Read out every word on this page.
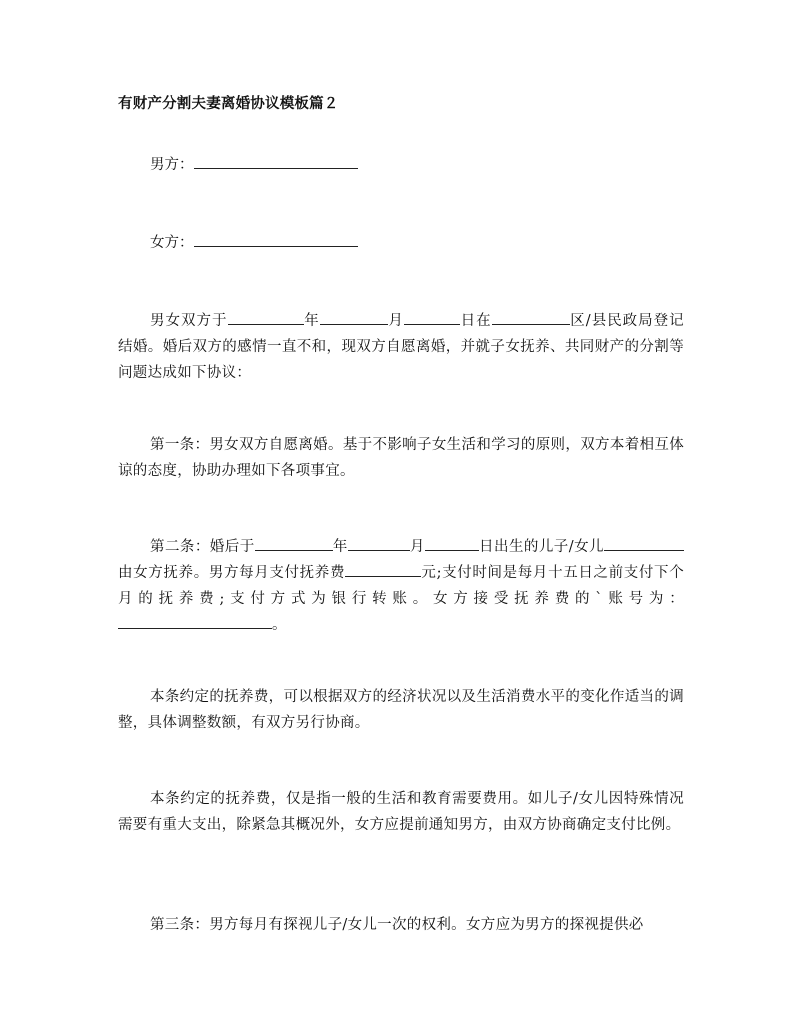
有财产分割夫妻离婚协议模板篇２
男方：
女方：
男女双方于	年	月	日在	区/县民政局登记结婚。婚后双方的感情一直不和，现双方自愿离婚，并就子女抚养、共同财产的分割等问题达成如下协议：
第一条：男女双方自愿离婚。基于不影响子女生活和学习的原则，双方本着相互体谅的态度，协助办理如下各项事宜。
第二条：婚后于	年	月	日出生的儿子/女儿由女方抚养。男方每月支付抚养费	元;支付时间是每月十五日之前支付下个月的抚养费;支付方式为银行转账。女方接受抚养费的`账号为：。
本条约定的抚养费，可以根据双方的经济状况以及生活消费水平的变化作适当的调整，具体调整数额，有双方另行协商。
本条约定的抚养费，仅是指一般的生活和教育需要费用。如儿子/女儿因特殊情况需要有重大支出，除紧急其概况外，女方应提前通知男方，由双方协商确定支付比例。
第三条：男方每月有探视儿子/女儿一次的权利。女方应为男方的探视提供必
